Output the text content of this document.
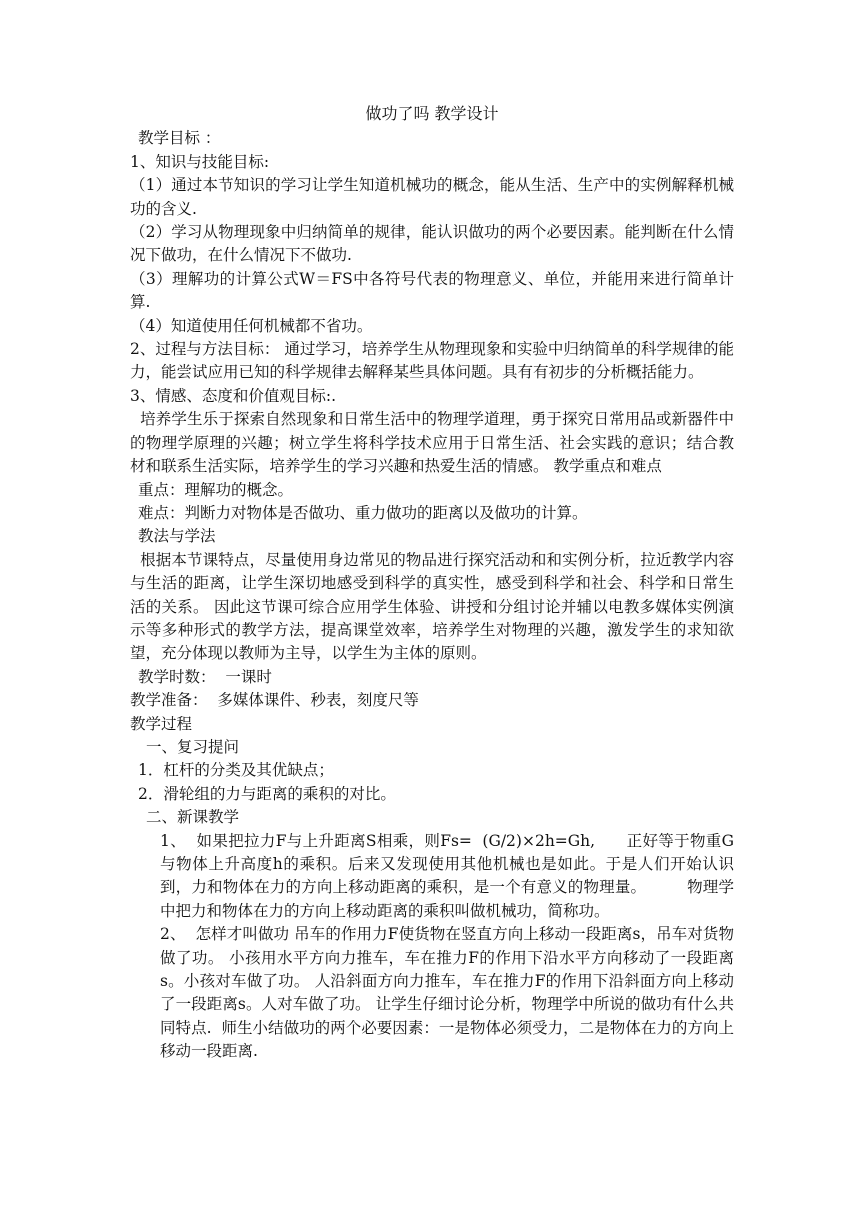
做功了吗 教学设计

教学目标 ：

1、知识与技能目标:

（1）通过本节知识的学习让学生知道机械功的概念，能从生活、生产中的实例解释机械功的含义.

（2）学习从物理现象中归纳简单的规律，能认识做功的两个必要因素。能判断在什么情况下做功，在什么情况下不做功.

（3）理解功的计算公式W＝FS中各符号代表的物理意义、单位，并能用来进行简单计算.

（4）知道使用任何机械都不省功。

2、过程与方法目标： 通过学习，培养学生从物理现象和实验中归纳简单的科学规律的能力，能尝试应用已知的科学规律去解释某些具体问题。具有有初步的分析概括能力。

3、情感、态度和价值观目标:.

培养学生乐于探索自然现象和日常生活中的物理学道理，勇于探究日常用品或新器件中的物理学原理的兴趣；树立学生将科学技术应用于日常生活、社会实践的意识；结合教材和联系生活实际，培养学生的学习兴趣和热爱生活的情感。 教学重点和难点

重点：理解功的概念。

难点：判断力对物体是否做功、重力做功的距离以及做功的计算。

教法与学法

根据本节课特点，尽量使用身边常见的物品进行探究活动和和实例分析，拉近教学内容与生活的距离，让学生深切地感受到科学的真实性，感受到科学和社会、科学和日常生活的关系。 因此这节课可综合应用学生体验、讲授和分组讨论并辅以电教多媒体实例演示等多种形式的教学方法，提高课堂效率，培养学生对物理的兴趣，激发学生的求知欲望，充分体现以教师为主导，以学生为主体的原则。

教学时数：  一课时

教学准备：  多媒体课件、秒表，刻度尺等

教学过程

一、复习提问

1．杠杆的分类及其优缺点；

2．滑轮组的力与距离的乘积的对比。

二、新课教学

1、  如果把拉力F与上升距离S相乘，则Fs=  (G/2)×2h=Gh,      正好等于物重G与物体上升高度h的乘积。后来又发现使用其他机械也是如此。于是人们开始认识到，力和物体在力的方向上移动距离的乘积，是一个有意义的物理量。        物理学中把力和物体在力的方向上移动距离的乘积叫做机械功，简称功。

2、  怎样才叫做功 吊车的作用力F使货物在竖直方向上移动一段距离s，吊车对货物做了功。 小孩用水平方向力推车，车在推力F的作用下沿水平方向移动了一段距离s。小孩对车做了功。 人沿斜面方向力推车，车在推力F的作用下沿斜面方向上移动了一段距离s。人对车做了功。 让学生仔细讨论分析，物理学中所说的做功有什么共同特点.  师生小结做功的两个必要因素：一是物体必须受力，二是物体在力的方向上移动一段距离.
